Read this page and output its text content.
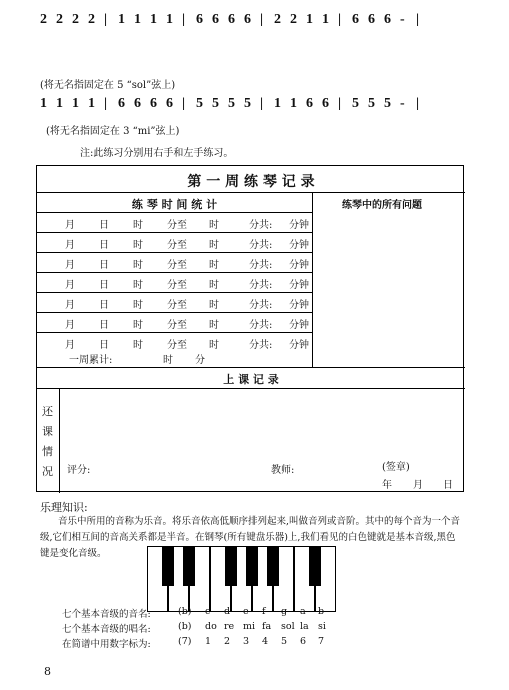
2 2 2 2 | 1 1 1 1 | 6 6 6 6 | 2 2 1 1 | 6 6 6 - |
(将无名指固定在 5 “sol”弦上)
1 1 1 1 | 6 6 6 6 | 5 5 5 5 | 1 1 6 6 | 5 5 5 - |
(将无名指固定在 3 “mi”弦上)
注:此练习分别用右手和左手练习。
第 一 周 练 琴 记 录
练 琴 时 间 统 计	练琴中的所有问题
月 日 时 分至 时	分共: 分钟
月 日 时 分至 时	分共: 分钟
月 日 时 分至 时	分共: 分钟
月 日 时 分至 时	分共: 分钟
月 日 时 分至 时	分共: 分钟
月 日 时 分至 时	分共: 分钟
月 日 时 分至 时	分共: 分钟
一周累计:	时 分
上 课 记 录
还
课
情
况	评分:	教师:	(签章)
年 月 日
乐理知识:
音乐中所用的音称为乐音。将乐音依高低顺序排列起来,叫做音列或音阶。其中的每个音为一个音级,它们相互间的音高关系都是半音。在钢琴(所有键盘乐器)上,我们看见的白色键就是基本音级,黑色键是变化音级。
七个基本音级的音名:
七个基本音级的唱名:
在简谱中用数字标为:
(b) c d e f g a b
(b) do re mi fa sol la si
(7) 1 2 3 4 5 6 7
8
